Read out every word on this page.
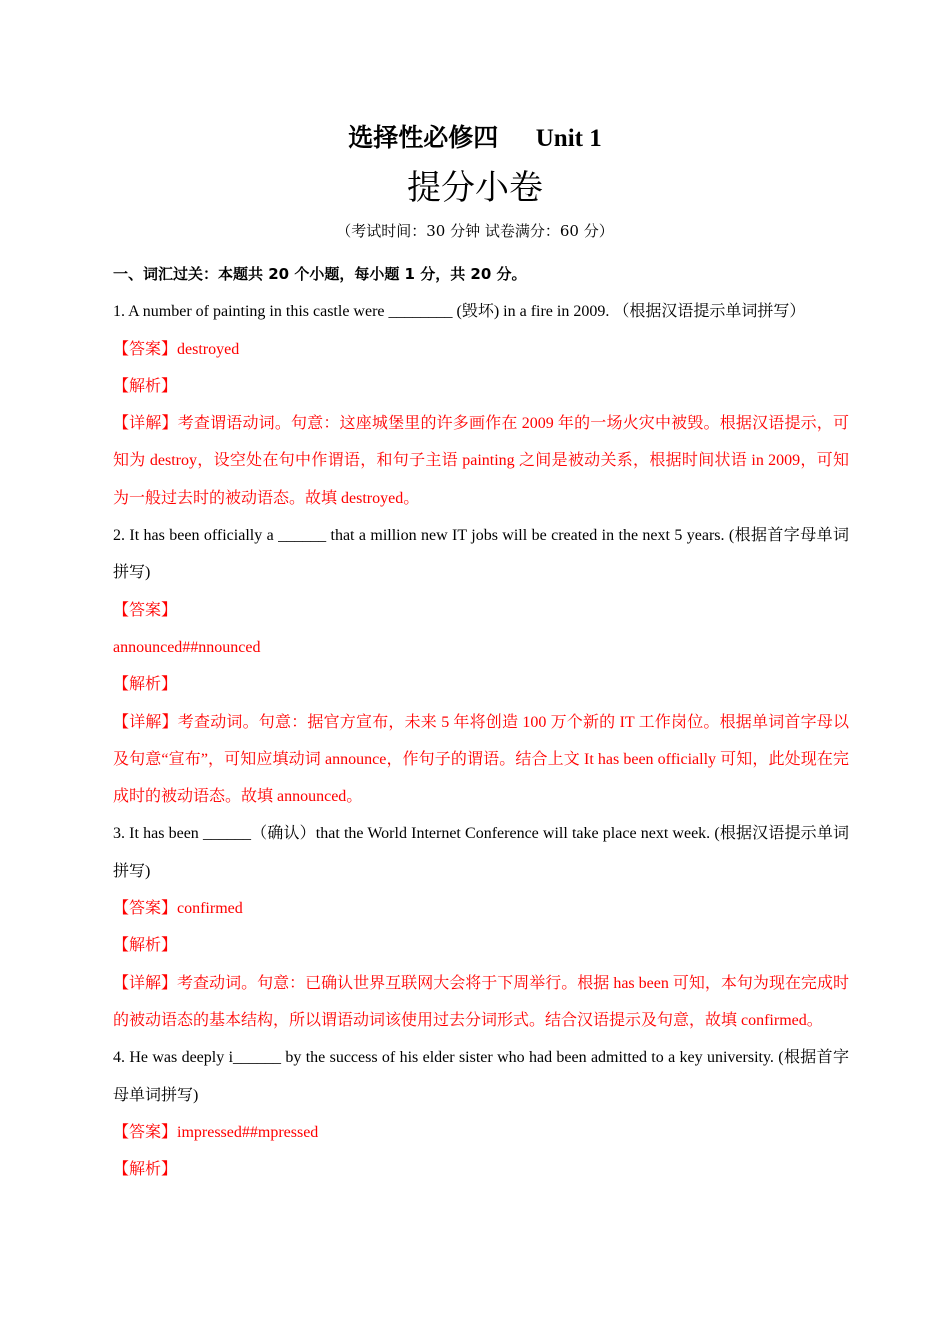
选择性必修四      Unit 1
提分小卷
（考试时间：30 分钟 试卷满分：60 分）

一、词汇过关：本题共 20 个小题，每小题 1 分，共 20 分。

1. A number of painting in this castle were ________ (毁坏) in a fire in 2009. （根据汉语提示单词拼写）

【答案】destroyed

【解析】

【详解】考查谓语动词。句意：这座城堡里的许多画作在 2009 年的一场火灾中被毁。根据汉语提示，可知为 destroy，设空处在句中作谓语，和句子主语 painting 之间是被动关系，根据时间状语 in 2009，可知为一般过去时的被动语态。故填 destroyed。

2. It has been officially a ______ that a million new IT jobs will be created in the next 5 years. (根据首字母单词拼写)

【答案】

announced##nnounced

【解析】

【详解】考查动词。句意：据官方宣布，未来 5 年将创造 100 万个新的 IT 工作岗位。根据单词首字母以及句意“宣布”，可知应填动词 announce，作句子的谓语。结合上文 It has been officially 可知，此处现在完成时的被动语态。故填 announced。

3. It has been ______（确认）that the World Internet Conference will take place next week. (根据汉语提示单词拼写)

【答案】confirmed

【解析】

【详解】考查动词。句意：已确认世界互联网大会将于下周举行。根据 has been 可知，本句为现在完成时的被动语态的基本结构，所以谓语动词该使用过去分词形式。结合汉语提示及句意，故填 confirmed。

4. He was deeply i______ by the success of his elder sister who had been admitted to a key university. (根据首字母单词拼写)

【答案】impressed##mpressed

【解析】
